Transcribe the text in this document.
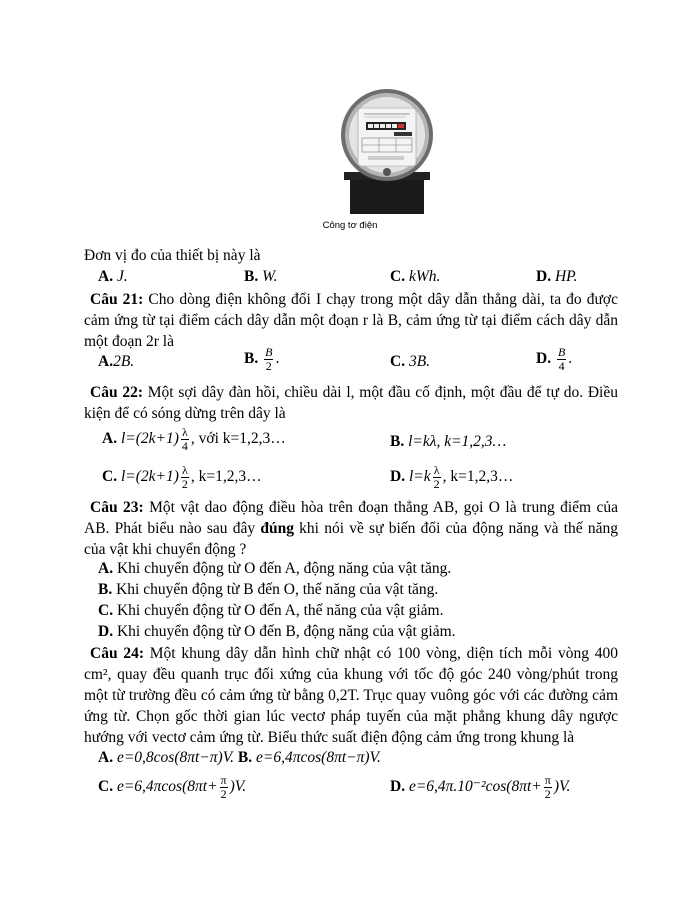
Công tơ điện
Đơn vị đo của thiết bị này là
A. J.	B. W.	C. kWh.	D. HP.
Câu 21: Cho dòng điện không đổi I chạy trong một dây dẫn thẳng dài, ta đo được cảm ứng từ tại điểm cách dây dẫn một đoạn r là B, cảm ứng từ tại điểm cách dây dẫn một đoạn 2r là
A.2B.	B. $\frac{B}{2}$ .	C. 3B.	D. $\frac{B}{4}$ .
Câu 22: Một sợi dây đàn hồi, chiều dài l, một đầu cố định, một đầu để tự do. Điều kiện để có sóng dừng trên dây là
A. $l=(2k+1) \frac{\lambda}{4}$ , với k=1,2,3…	B. l=kλ, k=1,2,3…
C. $l=(2k+1) \frac{\lambda}{2}$ , k=1,2,3…	D. $l=k \frac{\lambda}{2}$ , k=1,2,3…
Câu 23: Một vật dao động điều hòa trên đoạn thẳng AB, gọi O là trung điểm của AB. Phát biểu nào sau đây đúng khi nói về sự biến đổi của động năng và thế năng của vật khi chuyển động ?
A. Khi chuyển động từ O đến A, động năng của vật tăng.
B. Khi chuyển động từ B đến O, thế năng của vật tăng.
C. Khi chuyển động từ O đến A, thế năng của vật giảm.
D. Khi chuyển động từ O đến B, động năng của vật giảm.
Câu 24: Một khung dây dẫn hình chữ nhật có 100 vòng, diện tích mỗi vòng 400 cm², quay đều quanh trục đối xứng của khung với tốc độ góc 240 vòng/phút trong một từ trường đều có cảm ứng từ bằng 0,2T. Trục quay vuông góc với các đường cảm ứng từ. Chọn gốc thời gian lúc vectơ pháp tuyến của mặt phẳng khung dây ngược hướng với vectơ cảm ứng từ. Biểu thức suất điện động cảm ứng trong khung là
A. e=0,8cos(8πt−π)V. B. e=6,4πcos(8πt−π)V.
C. $e=6,4\pi\cos(8\pi t+ \frac{\pi}{2} )V$.	D. $e=6,4\pi.10^{-2}\cos(8\pi t+ \frac{\pi}{2} )V$.
